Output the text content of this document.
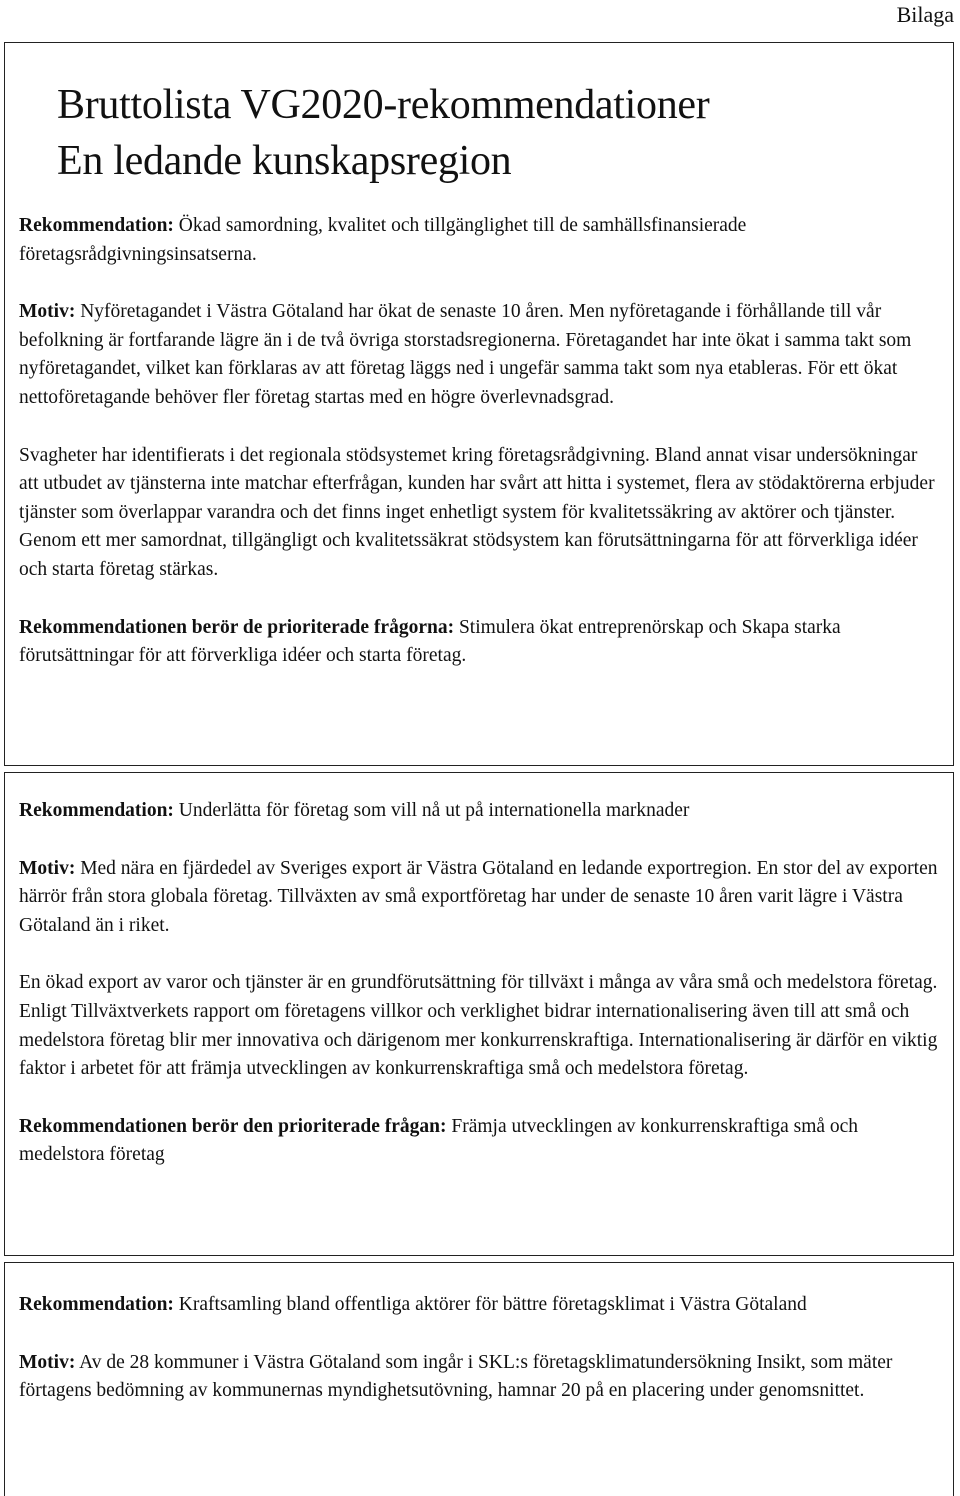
Bilaga
Bruttolista VG2020-rekommendationer
En ledande kunskapsregion

Rekommendation: Ökad samordning, kvalitet och tillgänglighet till de samhällsfinansierade företagsrådgivningsinsatserna.

Motiv: Nyföretagandet i Västra Götaland har ökat de senaste 10 åren. Men nyföretagande i förhållande till vår befolkning är fortfarande lägre än i de två övriga storstadsregionerna. Företagandet har inte ökat i samma takt som nyföretagandet, vilket kan förklaras av att företag läggs ned i ungefär samma takt som nya etableras. För ett ökat nettoföretagande behöver fler företag startas med en högre överlevnadsgrad.

Svagheter har identifierats i det regionala stödsystemet kring företagsrådgivning. Bland annat visar undersökningar att utbudet av tjänsterna inte matchar efterfrågan, kunden har svårt att hitta i systemet, flera av stödaktörerna erbjuder tjänster som överlappar varandra och det finns inget enhetligt system för kvalitetssäkring av aktörer och tjänster. Genom ett mer samordnat, tillgängligt och kvalitetssäkrat stödsystem kan förutsättningarna för att förverkliga idéer och starta företag stärkas.

Rekommendationen berör de prioriterade frågorna: Stimulera ökat entreprenörskap och Skapa starka förutsättningar för att förverkliga idéer och starta företag.

Rekommendation: Underlätta för företag som vill nå ut på internationella marknader

Motiv: Med nära en fjärdedel av Sveriges export är Västra Götaland en ledande exportregion. En stor del av exporten härrör från stora globala företag. Tillväxten av små exportföretag har under de senaste 10 åren varit lägre i Västra Götaland än i riket.

En ökad export av varor och tjänster är en grundförutsättning för tillväxt i många av våra små och medelstora företag. Enligt Tillväxtverkets rapport om företagens villkor och verklighet bidrar internationalisering även till att små och medelstora företag blir mer innovativa och därigenom mer konkurrenskraftiga. Internationalisering är därför en viktig faktor i arbetet för att främja utvecklingen av konkurrenskraftiga små och medelstora företag.

Rekommendationen berör den prioriterade frågan: Främja utvecklingen av konkurrenskraftiga små och medelstora företag

Rekommendation: Kraftsamling bland offentliga aktörer för bättre företagsklimat i Västra Götaland

Motiv: Av de 28 kommuner i Västra Götaland som ingår i SKL:s företagsklimatundersökning Insikt, som mäter förtagens bedömning av kommunernas myndighetsutövning, hamnar 20 på en placering under genomsnittet.
